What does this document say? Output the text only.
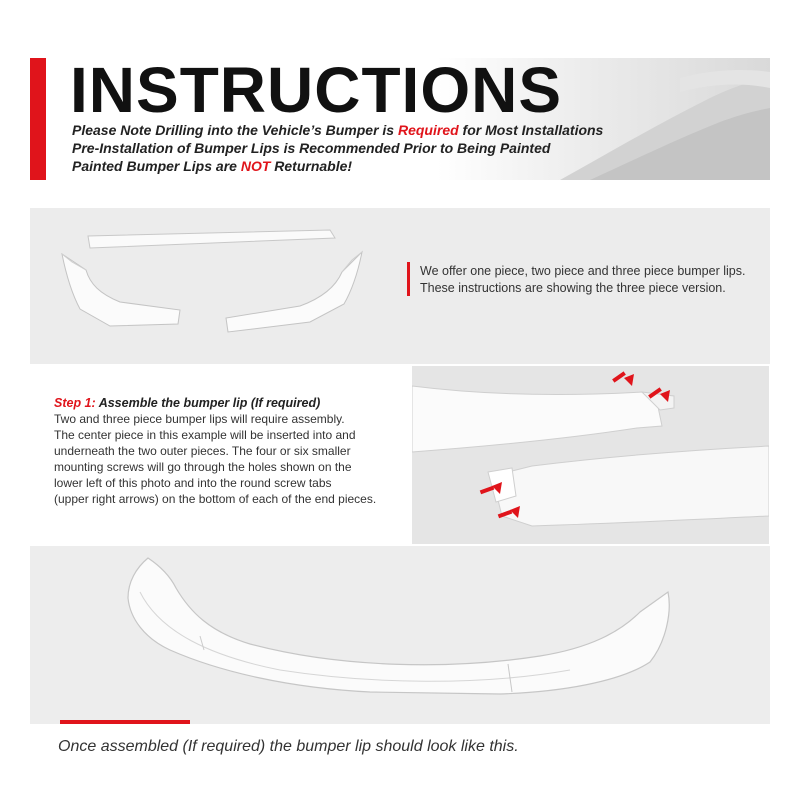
INSTRUCTIONS
Please Note Drilling into the Vehicle’s Bumper is Required for Most Installations
Pre-Installation of Bumper Lips is Recommended Prior to Being Painted
Painted Bumper Lips are NOT Returnable!
We offer one piece, two piece and three piece bumper lips.
These instructions are showing the three piece version.
Step 1: Assemble the bumper lip (If required)
Two and three piece bumper lips will require assembly.
The center piece in this example will be inserted into and
underneath the two outer pieces. The four or six smaller
mounting screws will go through the holes shown on the
lower left of this photo and into the round screw tabs
(upper right arrows) on the bottom of each of the end pieces.
Once assembled (If required) the bumper lip should look like this.
